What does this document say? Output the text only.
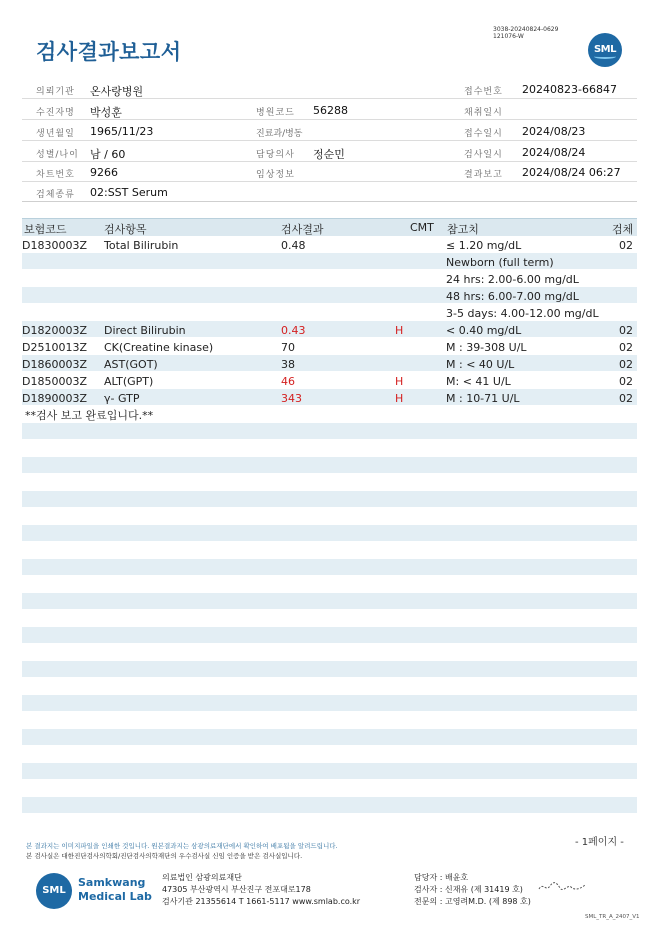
검사결과보고서
3038-20240824-0629
121076-W
SML
의뢰기관 온사랑병원	접수번호 20240823-66847
수진자명 박성훈	병원코드 56288	채취일시
생년월일 1965/11/23	진료과/병동	접수일시 2024/08/23
성별/나이 남 / 60	담당의사 정순민	검사일시 2024/08/24
차트번호 9266	임상정보	결과보고 2024/08/24 06:27
검체종류 02:SST Serum
보험코드	검사항목	검사결과	CMT 참고치	검체
D1830003Z Total Bilirubin	0.48	≤ 1.20 mg/dL	02
Newborn (full term)
24 hrs: 2.00-6.00 mg/dL
48 hrs: 6.00-7.00 mg/dL
3-5 days: 4.00-12.00 mg/dL
D1820003Z Direct Bilirubin	0.43	H	< 0.40 mg/dL	02
D2510013Z CK(Creatine kinase)	70	M : 39-308 U/L	02
D1860003Z AST(GOT)	38	M : < 40 U/L	02
D1850003Z ALT(GPT)	46	H	M: < 41 U/L	02
D1890003Z γ- GTP	343	H	M : 10-71 U/L	02
**검사 보고 완료입니다.**
- 1페이지 -
본 결과지는 이미지파일을 인쇄한 것입니다. 원본결과지는 삼광의료재단에서 확인하여 배포됨을 알려드립니다.
본 검사실은 대한진단검사의학회/진단검사의학재단의 우수검사실 신임 인증을 받은 검사실입니다.
SML
Samkwang
Medical Lab
의료법인 삼광의료재단
47305 부산광역시 부산진구 전포대로178
검사기관 21355614 T 1661-5117 www.smlab.co.kr
담당자 : 배윤호
검사자 : 신재유 (제 31419 호)
전문의 : 고영려M.D. (제 898 호)
SML_TR_A_2407_V1
